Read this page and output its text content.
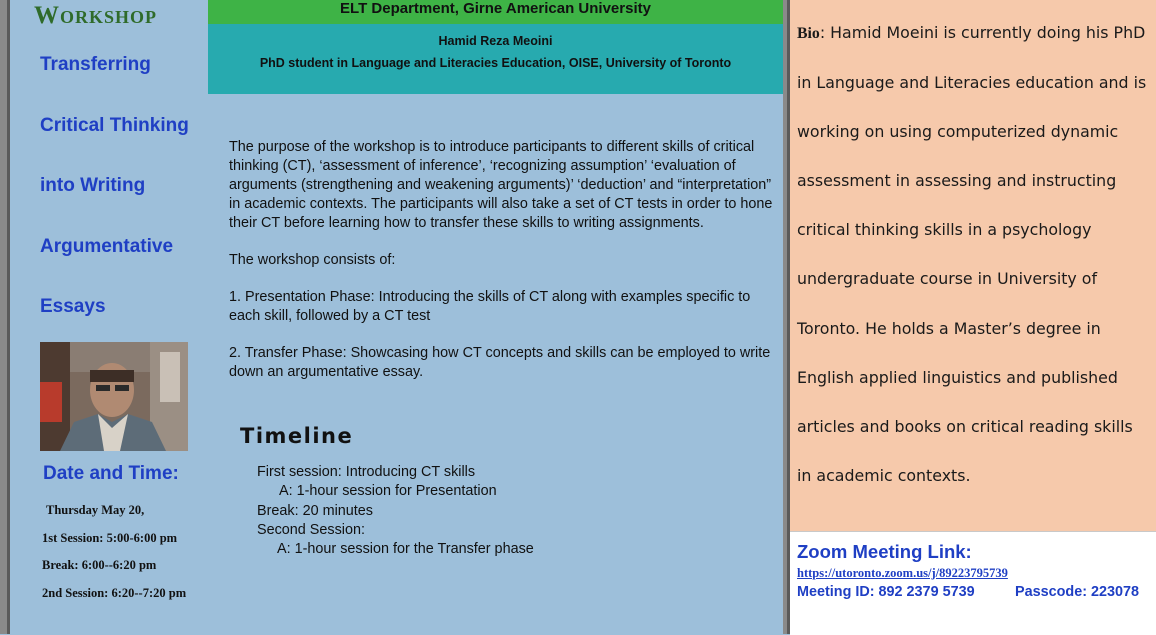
Workshop
Transferring
Critical Thinking
into Writing
Argumentative
Essays
Date and Time:
Thursday May 20,
1st Session: 5:00-6:00 pm
Break: 6:00--6:20 pm
2nd Session: 6:20--7:20 pm
ELT Department, Girne American University
Hamid Reza Meoini
PhD student in Language and Literacies Education, OISE, University of Toronto

The purpose of the workshop is to introduce participants to different skills of critical thinking (CT), ‘assessment of inference’, ‘recognizing assumption’ ‘evaluation of arguments (strengthening and weakening arguments)’ ‘deduction’ and “interpretation” in academic contexts. The participants will also take a set of CT tests in order to hone their CT before learning how to transfer these skills to writing assignments.

The workshop consists of:

1. Presentation Phase: Introducing the skills of CT along with examples specific to each skill, followed by a CT test

2. Transfer Phase: Showcasing how CT concepts and skills can be employed to write down an argumentative essay.

Timeline
First session: Introducing CT skills
A: 1-hour session for Presentation
Break: 20 minutes
Second Session:
A: 1-hour session for the Transfer phase
Bio: Hamid Moeini is currently doing his PhD in Language and Literacies education and is working on using computerized dynamic assessment in assessing and instructing critical thinking skills in a psychology undergraduate course in University of Toronto. He holds a Master’s degree in English applied linguistics and published articles and books on critical reading skills in academic contexts.
Zoom Meeting Link:
https://utoronto.zoom.us/j/89223795739
Meeting ID: 892 2379 5739	Passcode: 223078
